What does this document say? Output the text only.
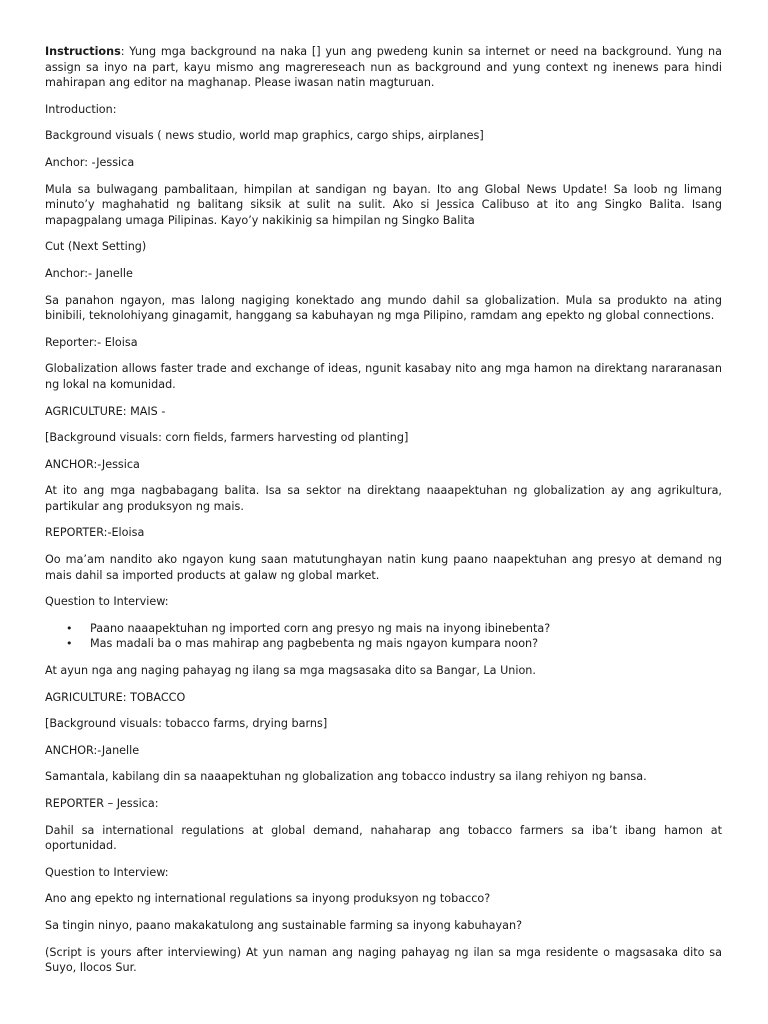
Instructions: Yung mga background na naka [] yun ang pwedeng kunin sa internet or need na background. Yung na assign sa inyo na part, kayu mismo ang magrereseach nun as background and yung context ng inenews para hindi mahirapan ang editor na maghanap. Please iwasan natin magturuan.

Introduction:

Background visuals ( news studio, world map graphics, cargo ships, airplanes]

Anchor: -Jessica

Mula sa bulwagang pambalitaan, himpilan at sandigan ng bayan. Ito ang Global News Update! Sa loob ng limang minuto’y maghahatid ng balitang siksik at sulit na sulit. Ako si Jessica Calibuso at ito ang Singko Balita. Isang mapagpalang umaga Pilipinas. Kayo’y nakikinig sa himpilan ng Singko Balita

Cut (Next Setting)

Anchor:- Janelle

Sa panahon ngayon, mas lalong nagiging konektado ang mundo dahil sa globalization. Mula sa produkto na ating binibili, teknolohiyang ginagamit, hanggang sa kabuhayan ng mga Pilipino, ramdam ang epekto ng global connections.

Reporter:- Eloisa

Globalization allows faster trade and exchange of ideas, ngunit kasabay nito ang mga hamon na direktang nararanasan ng lokal na komunidad.

AGRICULTURE: MAIS -

[Background visuals: corn fields, farmers harvesting od planting]

ANCHOR:-Jessica

At ito ang mga nagbabagang balita. Isa sa sektor na direktang naaapektuhan ng globalization ay ang agrikultura, partikular ang produksyon ng mais.

REPORTER:-Eloisa

Oo ma’am nandito ako ngayon kung saan matutunghayan natin kung paano naapektuhan ang presyo at demand ng mais dahil sa imported products at galaw ng global market.

Question to Interview:

• Paano naaapektuhan ng imported corn ang presyo ng mais na inyong ibinebenta?
• Mas madali ba o mas mahirap ang pagbebenta ng mais ngayon kumpara noon?

At ayun nga ang naging pahayag ng ilang sa mga magsasaka dito sa Bangar, La Union.

AGRICULTURE: TOBACCO

[Background visuals: tobacco farms, drying barns]

ANCHOR:-Janelle

Samantala, kabilang din sa naaapektuhan ng globalization ang tobacco industry sa ilang rehiyon ng bansa.

REPORTER – Jessica:

Dahil sa international regulations at global demand, nahaharap ang tobacco farmers sa iba’t ibang hamon at oportunidad.

Question to Interview:

Ano ang epekto ng international regulations sa inyong produksyon ng tobacco?

Sa tingin ninyo, paano makakatulong ang sustainable farming sa inyong kabuhayan?

(Script is yours after interviewing) At yun naman ang naging pahayag ng ilan sa mga residente o magsasaka dito sa Suyo, Ilocos Sur.
